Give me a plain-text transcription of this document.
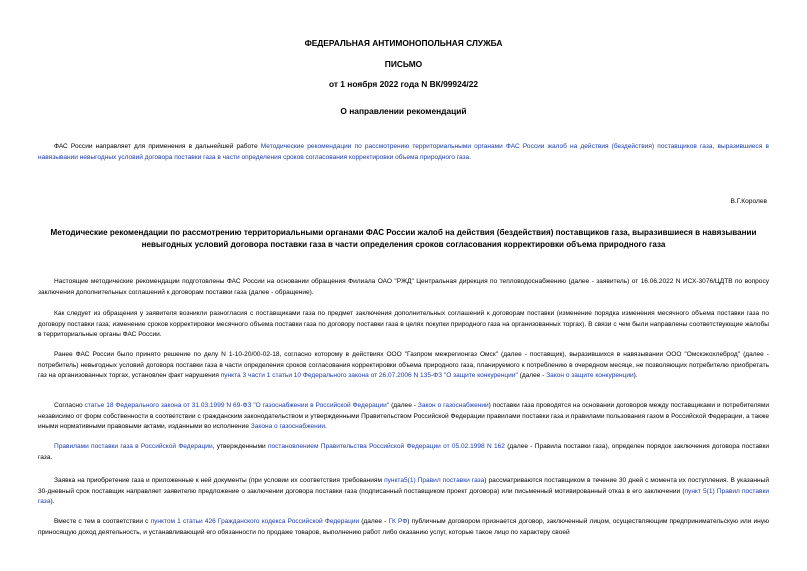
ФЕДЕРАЛЬНАЯ АНТИМОНОПОЛЬНАЯ СЛУЖБА
ПИСЬМО
от 1 ноября 2022 года N ВК/99924/22
О направлении рекомендаций
ФАС России направляет для применения в дальнейшей работе Методические рекомендации по рассмотрению территориальными органами ФАС России жалоб на действия (бездействия) поставщиков газа, выразившиеся в навязывании невыгодных условий договора поставки газа в части определения сроков согласования корректировки объема природного газа.
В.Г.Королев
Методические рекомендации по рассмотрению территориальными органами ФАС России жалоб на действия (бездействия) поставщиков газа, выразившиеся в навязывании невыгодных условий договора поставки газа в части определения сроков согласования корректировки объема природного газа
Настоящие методические рекомендации подготовлены ФАС России на основании обращения Филиала ОАО "РЖД" Центральная дирекция по тепловодоснабжению (далее - заявитель) от 16.06.2022 N ИСХ-3076/ЦДТВ по вопросу заключения дополнительных соглашений к договорам поставки газа (далее - обращение).
Как следует из обращения у заявителя возникли разногласия с поставщиками газа по предмет заключения дополнительных соглашений к договорам поставки (изменение порядка изменения месячного объема поставки газа по договору поставки газа; изменение сроков корректировки месячного объема поставки газа по договору поставки газа в целях покупки природного газа на организованных торгах). В связи с чем были направлены соответствующие жалобы в территориальные органы ФАС России.
Ранее ФАС России было принято решение по делу N 1-10-20/00-02-18, согласно которому в действиях ООО "Газпром межрегионгаз Омск" (далее - поставщик), выразившихся в навязывании ООО "Омскэкохлеброд" (далее - потребитель) невыгодных условий договора поставки газа в части определения сроков согласования корректировки объема природного газа, планируемого к потреблению в очередном месяце, не позволяющих потребителю приобретать газ на организованных торгах, установлен факт нарушения пункта 3 части 1 статьи 10 Федерального закона от 26.07.2006 N 135-ФЗ "О защите конкуренции" (далее - Закон о защите конкуренции).
Согласно статье 18 Федерального закона от 31.03.1999 N 69-ФЗ "О газоснабжении в Российской Федерации" (далее - Закон о газоснабжении) поставки газа проводятся на основании договоров между поставщиками и потребителями независимо от форм собственности в соответствии с гражданским законодательством и утвержденными Правительством Российской Федерации правилами поставки газа и правилами пользования газом в Российской Федерации, а также иными нормативными правовыми актами, изданными во исполнение Закона о газоснабжении.
Правилами поставки газа в Российской Федерации, утвержденными постановлением Правительства Российской Федерации от 05.02.1998 N 162 (далее - Правила поставки газа), определен порядок заключения договора поставки газа.
Заявка на приобретение газа и приложенные к ней документы (при условии их соответствия требованиям пункта5(1) Правил поставки газа) рассматриваются поставщиком в течение 30 дней с момента их поступления. В указанный 30-дневный срок поставщик направляет заявителю предложение о заключении договора поставки газа (подписанный поставщиком проект договора) или письменный мотивированный отказ в его заключении (пункт 5(1) Правил поставки газа).
Вместе с тем в соответствии с пунктом 1 статьи 426 Гражданского кодекса Российской Федерации (далее - ГК РФ) публичным договором признается договор, заключенный лицом, осуществляющим предпринимательскую или иную приносящую доход деятельность, и устанавливающий его обязанности по продаже товаров, выполнению работ либо оказанию услуг, которые такое лицо по характеру своей
